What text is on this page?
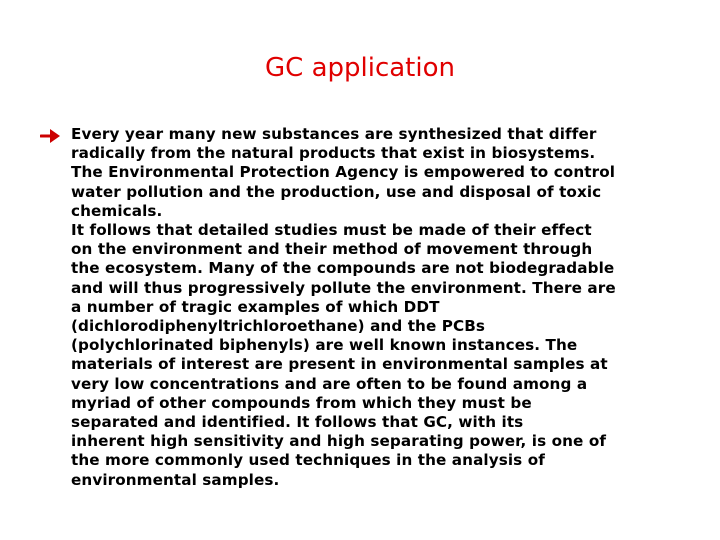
GC application
Every year many new substances are synthesized that differ
radically from the natural products that exist in biosystems.
The Environmental Protection Agency is empowered to control
water pollution and the production, use and disposal of toxic
chemicals.
It follows that detailed studies must be made of their effect
on the environment and their method of movement through
the ecosystem. Many of the compounds are not biodegradable
and will thus progressively pollute the environment. There are
a number of tragic examples of which DDT
(dichlorodiphenyltrichloroethane) and the PCBs
(polychlorinated biphenyls) are well known instances. The
materials of interest are present in environmental samples at
very low concentrations and are often to be found among a
myriad of other compounds from which they must be
separated and identified. It follows that GC, with its
inherent high sensitivity and high separating power, is one of
the more commonly used techniques in the analysis of
environmental samples.
